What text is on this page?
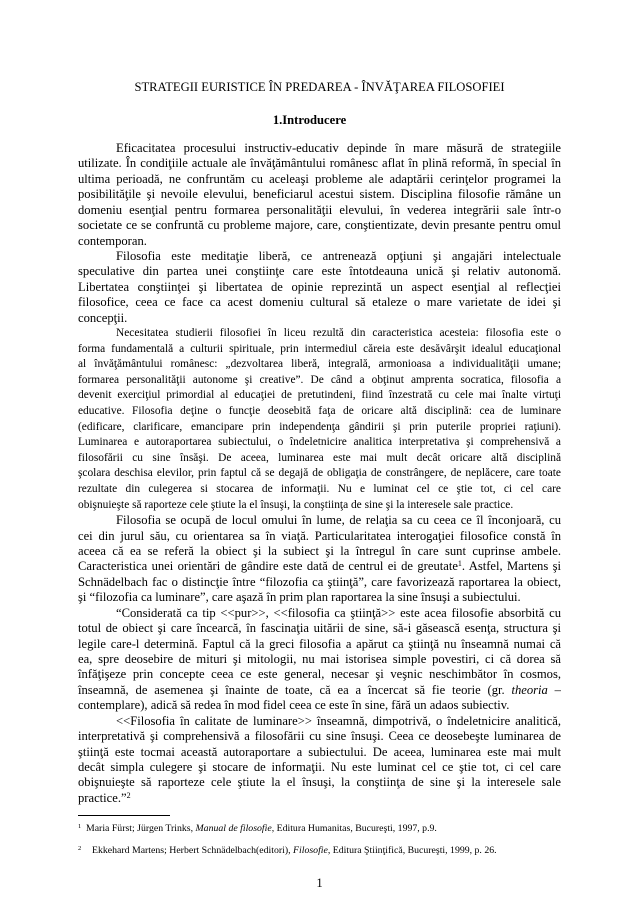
STRATEGII EURISTICE ÎN PREDAREA - ÎNVĂŢAREA FILOSOFIEI
1.Introducere
Eficacitatea procesului instructiv-educativ depinde în mare măsură de strategiile
utilizate. În condiţiile actuale ale învăţământului românesc aflat în plină reformă, în special în
ultima perioadă, ne confruntăm cu aceleaşi probleme ale adaptării cerinţelor programei la
posibilităţile şi nevoile elevului, beneficiarul acestui sistem. Disciplina filosofie rămâne un
domeniu esenţial pentru formarea personalităţii elevului, în vederea integrării sale într-o
societate ce se confruntă cu probleme majore, care, conştientizate, devin presante pentru omul
contemporan.
Filosofia este meditaţie liberă, ce antrenează opţiuni şi angajări intelectuale
speculative din partea unei conştiinţe care este întotdeauna unică şi relativ autonomă.
Libertatea conştiinţei şi libertatea de opinie reprezintă un aspect esenţial al reflecţiei
filosofice, ceea ce face ca acest domeniu cultural să etaleze o mare varietate de idei şi
concepţii.
Necesitatea studierii filosofiei în liceu rezultă din caracteristica acesteia: filosofia este o
forma fundamentală a culturii spirituale, prin intermediul căreia este desăvârşit idealul educaţional
al învăţământului românesc: „dezvoltarea liberă, integrală, armonioasa a individualităţii umane;
formarea personalităţii autonome şi creative”. De când a obţinut amprenta socratica, filosofia a
devenit exerciţiul primordial al educaţiei de pretutindeni, fiind înzestrată cu cele mai înalte virtuţi
educative. Filosofia deţine o funcţie deosebită faţa de oricare altă disciplină: cea de luminare
(edificare, clarificare, emancipare prin independenţa gândirii şi prin puterile propriei raţiuni).
Luminarea e autoraportarea subiectului, o îndeletnicire analitica interpretativa şi comprehensivă a
filosofării cu sine însăşi. De aceea, luminarea este mai mult decât oricare altă disciplină
şcolara deschisa elevilor, prin faptul că se degajă de obligaţia de constrângere, de neplăcere, care toate
rezultate din culegerea si stocarea de informaţii. Nu e luminat cel ce ştie tot, ci cel care
obişnuieşte să raporteze cele ştiute la el însuşi, la conştiinţa de sine şi la interesele sale practice.
Filosofia se ocupă de locul omului în lume, de relaţia sa cu ceea ce îl înconjoară, cu
cei din jurul său, cu orientarea sa în viaţă. Particularitatea interogaţiei filosofice constă în
aceea că ea se referă la obiect şi la subiect şi la întregul în care sunt cuprinse ambele.
Caracteristica unei orientări de gândire este dată de centrul ei de greutate$^1$. Astfel, Martens şi
Schnädelbach fac o distincţie între “filozofia ca ştiinţă”, care favorizează raportarea la obiect,
şi “filozofia ca luminare”, care aşază în prim plan raportarea la sine însuşi a subiectului.
“Considerată ca tip <<pur>>, <<filosofia ca ştiinţă>> este acea filosofie absorbită cu
totul de obiect şi care încearcă, în fascinaţia uitării de sine, să-i găsească esenţa, structura şi
legile care-l determină. Faptul că la greci filosofia a apărut ca ştiinţă nu înseamnă numai că
ea, spre deosebire de mituri şi mitologii, nu mai istorisea simple povestiri, ci că dorea să
înfăţişeze prin concepte ceea ce este general, necesar şi veşnic neschimbător în cosmos,
înseamnă, de asemenea şi înainte de toate, că ea a încercat să fie teorie (gr. theoria –
contemplare), adică să redea în mod fidel ceea ce este în sine, fără un adaos subiectiv.
<<Filosofia în calitate de luminare>> înseamnă, dimpotrivă, o îndeletnicire analitică,
interpretativă şi comprehensivă a filosofării cu sine însuşi. Ceea ce deosebeşte luminarea de
ştiinţă este tocmai această autoraportare a subiectului. De aceea, luminarea este mai mult
decât simpla culegere şi stocare de informaţii. Nu este luminat cel ce ştie tot, ci cel care
obişnuieşte să raporteze cele ştiute la el însuşi, la conştiinţa de sine şi la interesele sale
practice.”$^2$
1 Maria Fürst; Jürgen Trinks, Manual de filosofie, Editura Humanitas, Bucureşti, 1997, p.9.
2 Ekkehard Martens; Herbert Schnädelbach(editori), Filosofie, Editura Ştiinţifică, Bucureşti, 1999, p. 26.
1
